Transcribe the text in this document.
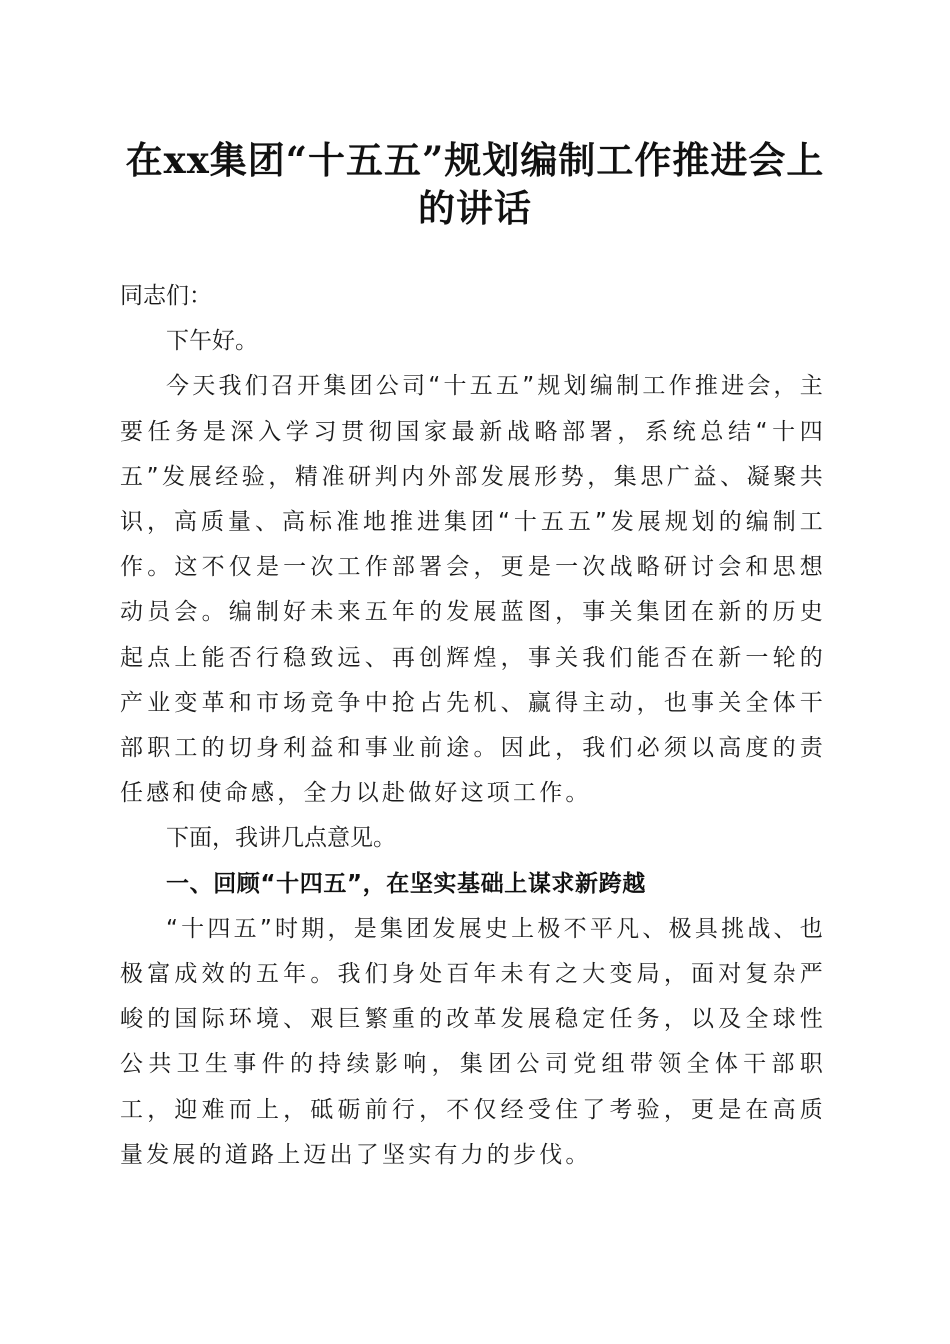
在xx集团“十五五”规划编制工作推进会上
的讲话

同志们：

下午好。

今天我们召开集团公司“十五五”规划编制工作推进会，主要任务是深入学习贯彻国家最新战略部署，系统总结“十四五”发展经验，精准研判内外部发展形势，集思广益、凝聚共识，高质量、高标准地推进集团“十五五”发展规划的编制工作。这不仅是一次工作部署会，更是一次战略研讨会和思想动员会。编制好未来五年的发展蓝图，事关集团在新的历史起点上能否行稳致远、再创辉煌，事关我们能否在新一轮的产业变革和市场竞争中抢占先机、赢得主动，也事关全体干部职工的切身利益和事业前途。因此，我们必须以高度的责任感和使命感，全力以赴做好这项工作。

下面，我讲几点意见。

一、回顾“十四五”，在坚实基础上谋求新跨越

“十四五”时期，是集团发展史上极不平凡、极具挑战、也极富成效的五年。我们身处百年未有之大变局，面对复杂严峻的国际环境、艰巨繁重的改革发展稳定任务，以及全球性公共卫生事件的持续影响，集团公司党组带领全体干部职工，迎难而上，砥砺前行，不仅经受住了考验，更是在高质量发展的道路上迈出了坚实有力的步伐。
